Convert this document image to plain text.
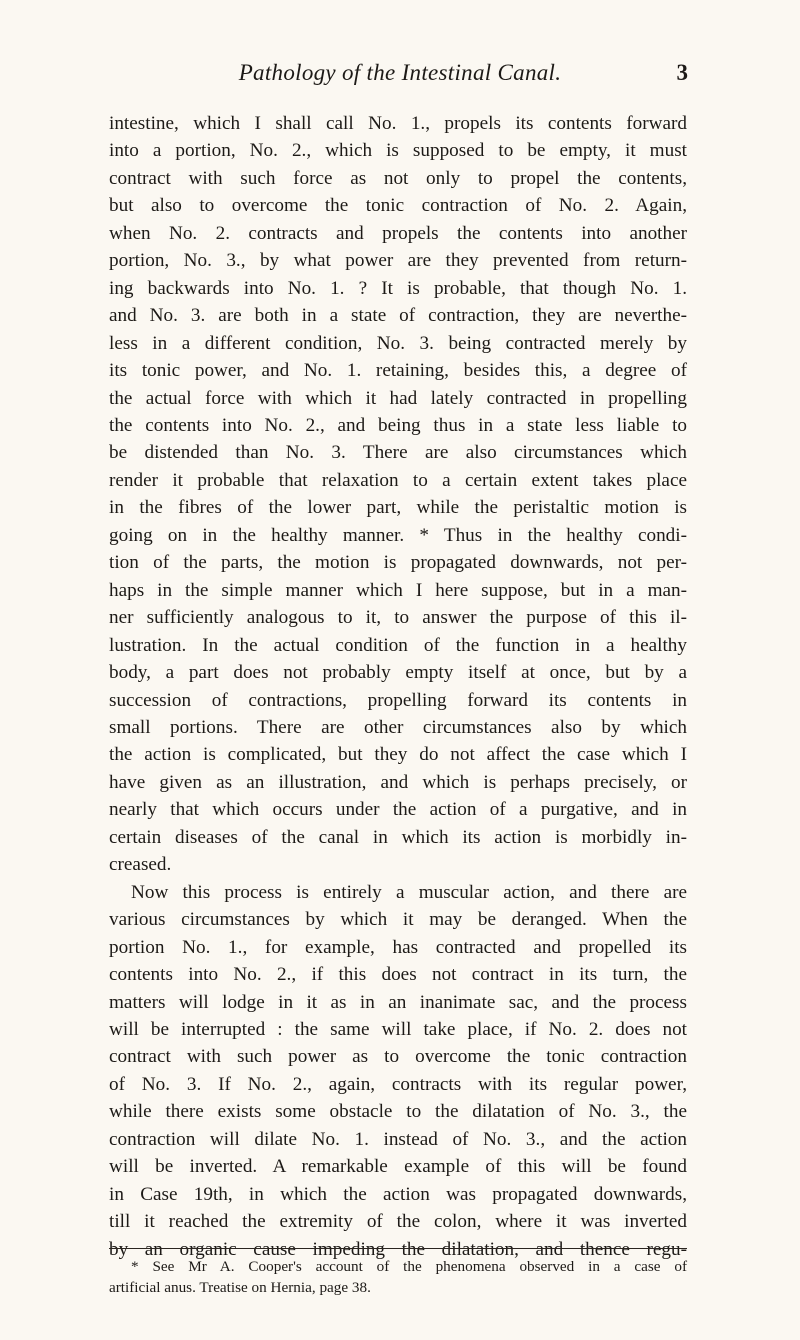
Pathology of the Intestinal Canal.	3
intestine, which I shall call No. 1., propels its contents forward
into a portion, No. 2., which is supposed to be empty, it must
contract with such force as not only to propel the contents,
but also to overcome the tonic contraction of No. 2. Again,
when No. 2. contracts and propels the contents into another
portion, No. 3., by what power are they prevented from return-
ing backwards into No. 1. ? It is probable, that though No. 1.
and No. 3. are both in a state of contraction, they are neverthe-
less in a different condition, No. 3. being contracted merely by
its tonic power, and No. 1. retaining, besides this, a degree of
the actual force with which it had lately contracted in propelling
the contents into No. 2., and being thus in a state less liable to
be distended than No. 3. There are also circumstances which
render it probable that relaxation to a certain extent takes place
in the fibres of the lower part, while the peristaltic motion is
going on in the healthy manner. * Thus in the healthy condi-
tion of the parts, the motion is propagated downwards, not per-
haps in the simple manner which I here suppose, but in a man-
ner sufficiently analogous to it, to answer the purpose of this il-
lustration. In the actual condition of the function in a healthy
body, a part does not probably empty itself at once, but by a
succession of contractions, propelling forward its contents in
small portions. There are other circumstances also by which
the action is complicated, but they do not affect the case which I
have given as an illustration, and which is perhaps precisely, or
nearly that which occurs under the action of a purgative, and in
certain diseases of the canal in which its action is morbidly in-
creased.
Now this process is entirely a muscular action, and there are
various circumstances by which it may be deranged. When the
portion No. 1., for example, has contracted and propelled its
contents into No. 2., if this does not contract in its turn, the
matters will lodge in it as in an inanimate sac, and the process
will be interrupted : the same will take place, if No. 2. does not
contract with such power as to overcome the tonic contraction
of No. 3. If No. 2., again, contracts with its regular power,
while there exists some obstacle to the dilatation of No. 3., the
contraction will dilate No. 1. instead of No. 3., and the action
will be inverted. A remarkable example of this will be found
in Case 19th, in which the action was propagated downwards,
till it reached the extremity of the colon, where it was inverted
by an organic cause impeding the dilatation, and thence regu-
* See Mr A. Cooper's account of the phenomena observed in a case of
artificial anus. Treatise on Hernia, page 38.
